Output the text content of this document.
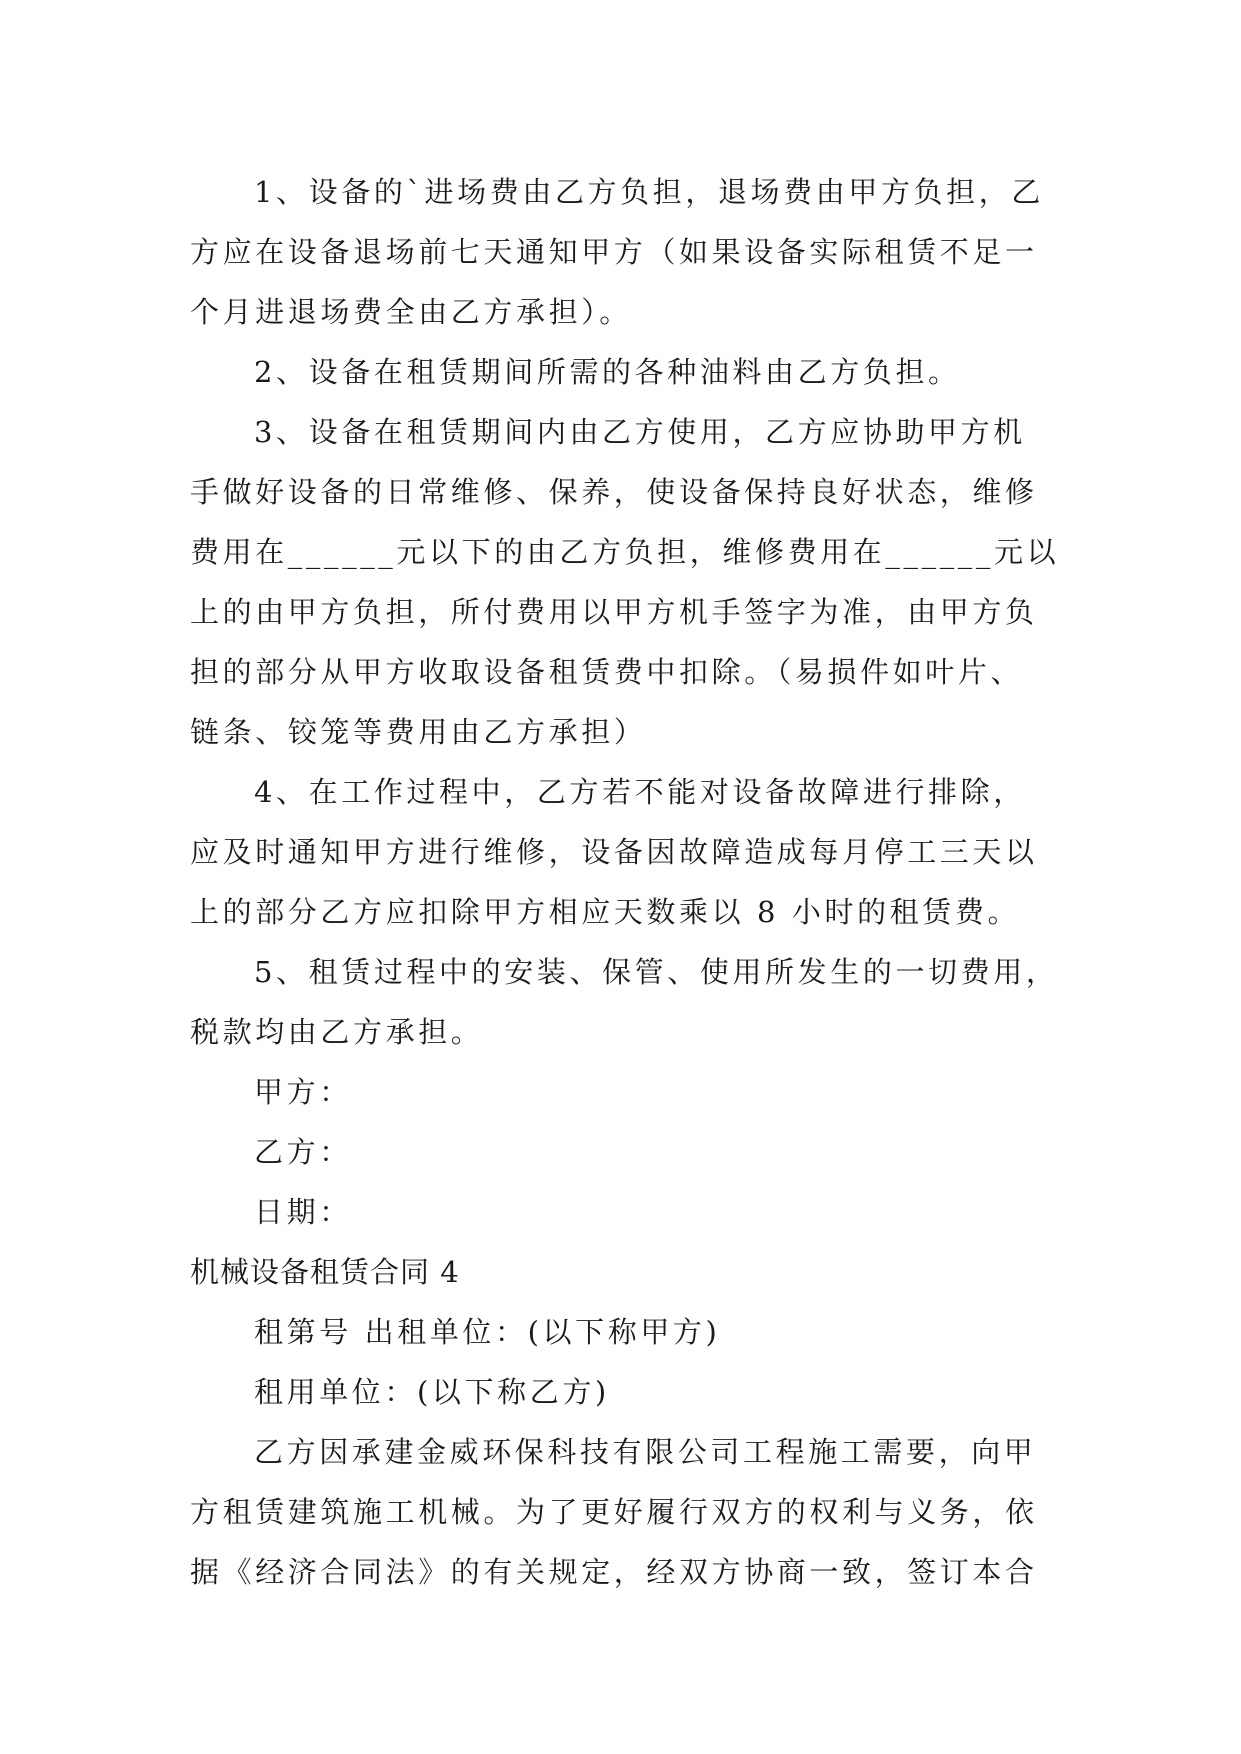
1、设备的`进场费由乙方负担，退场费由甲方负担，乙
方应在设备退场前七天通知甲方（如果设备实际租赁不足一
个月进退场费全由乙方承担）。
2、设备在租赁期间所需的各种油料由乙方负担。
3、设备在租赁期间内由乙方使用，乙方应协助甲方机
手做好设备的日常维修、保养，使设备保持良好状态，维修
费用在______元以下的由乙方负担，维修费用在______元以
上的由甲方负担，所付费用以甲方机手签字为准，由甲方负
担的部分从甲方收取设备租赁费中扣除。（易损件如叶片、
链条、铰笼等费用由乙方承担）
4、在工作过程中，乙方若不能对设备故障进行排除，
应及时通知甲方进行维修，设备因故障造成每月停工三天以
上的部分乙方应扣除甲方相应天数乘以 8 小时的租赁费。
5、租赁过程中的安装、保管、使用所发生的一切费用，
税款均由乙方承担。
甲方：
乙方：
日期：
机械设备租赁合同 4
租第号 出租单位：(以下称甲方)
租用单位：(以下称乙方)
乙方因承建金威环保科技有限公司工程施工需要，向甲
方租赁建筑施工机械。为了更好履行双方的权利与义务，依
据《经济合同法》的有关规定，经双方协商一致，签订本合
